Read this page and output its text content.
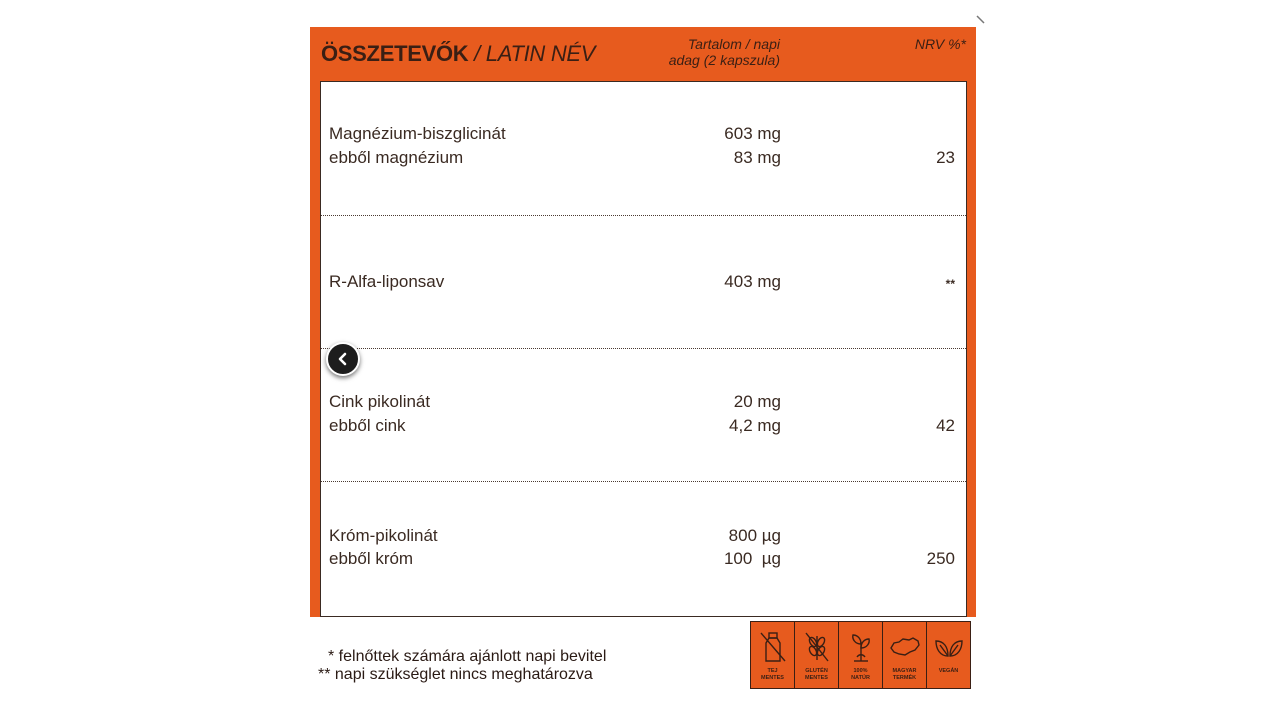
ÖSSZETEVŐK / LATIN NÉV	Tartalom / napi
adag (2 kapszula)
NRV %*
Magnézium-biszglicinát	603 mg
ebből magnézium	83 mg	23
R-Alfa-liponsav	403 mg	**
Cink pikolinát	20 mg
ebből cink	4,2 mg	42
Króm-pikolinát	800 µg
ebből króm	100  µg	250
* felnőttek számára ajánlott napi bevitel
** napi szükséglet nincs meghatározva	TEJ
MENTES
GLUTÉN
MENTES
100%
NATÚR
MAGYAR
TERMÉK
VEGÁN
